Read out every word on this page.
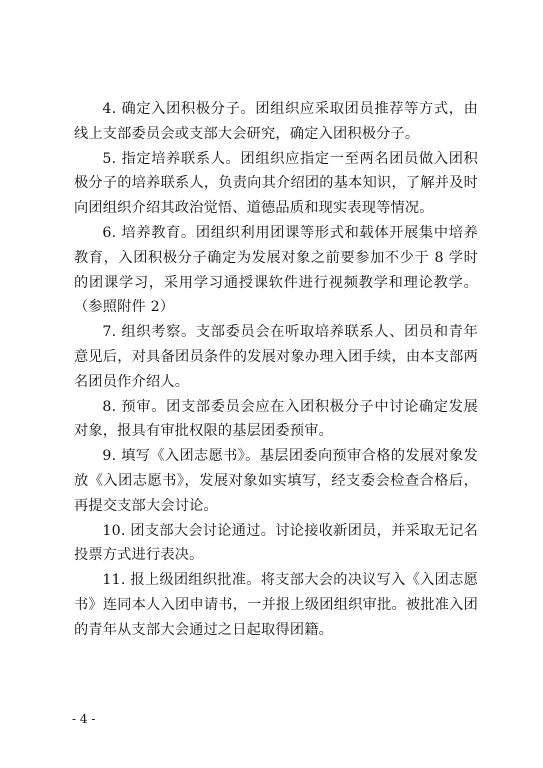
4. 确定入团积极分子。团组织应采取团员推荐等方式，由线上支部委员会或支部大会研究，确定入团积极分子。

5. 指定培养联系人。团组织应指定一至两名团员做入团积极分子的培养联系人，负责向其介绍团的基本知识，了解并及时向团组织介绍其政治觉悟、道德品质和现实表现等情况。

6. 培养教育。团组织利用团课等形式和载体开展集中培养教育，入团积极分子确定为发展对象之前要参加不少于 8 学时的团课学习，采用学习通授课软件进行视频教学和理论教学。（参照附件 2）

7. 组织考察。支部委员会在听取培养联系人、团员和青年意见后，对具备团员条件的发展对象办理入团手续，由本支部两名团员作介绍人。

8. 预审。团支部委员会应在入团积极分子中讨论确定发展对象，报具有审批权限的基层团委预审。

9. 填写《入团志愿书》。基层团委向预审合格的发展对象发放《入团志愿书》，发展对象如实填写，经支委会检查合格后，再提交支部大会讨论。

10. 团支部大会讨论通过。讨论接收新团员，并采取无记名投票方式进行表决。

11. 报上级团组织批准。将支部大会的决议写入《入团志愿书》连同本人入团申请书，一并报上级团组织审批。被批准入团的青年从支部大会通过之日起取得团籍。

- 4 -
